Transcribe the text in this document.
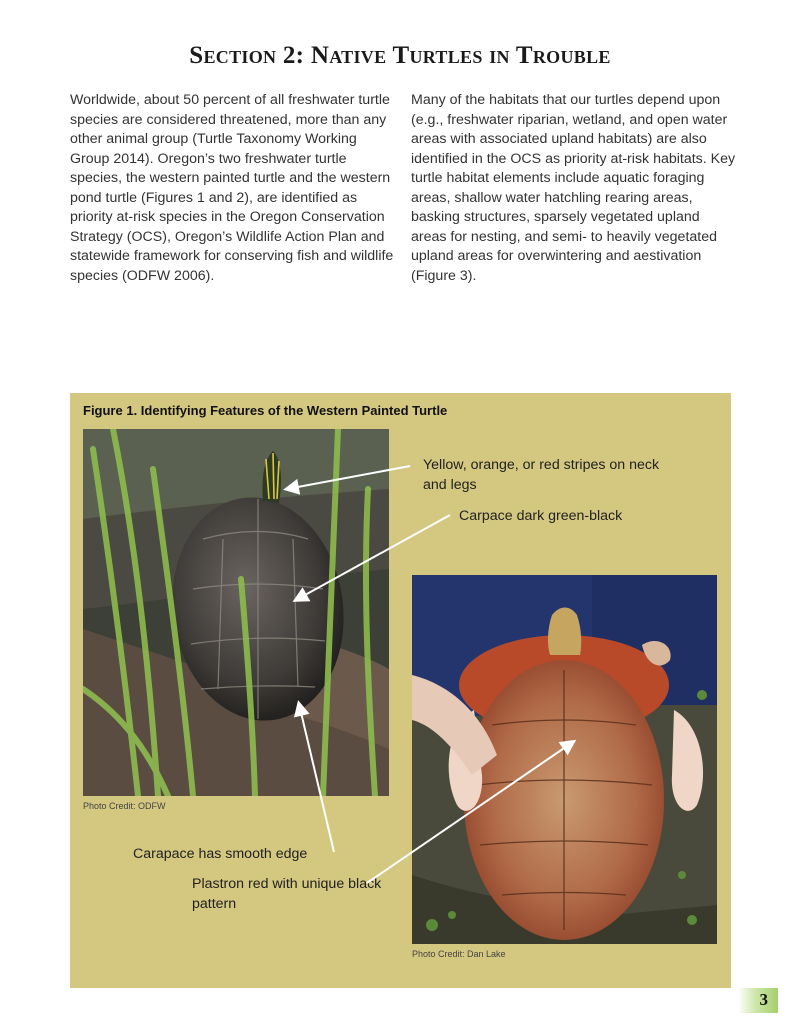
Section 2: Native Turtles in Trouble
Worldwide, about 50 percent of all freshwater turtle species are considered threatened, more than any other animal group (Turtle Taxonomy Working Group 2014). Oregon’s two freshwater turtle species, the western painted turtle and the western pond turtle (Figures 1 and 2), are identified as priority at-risk species in the Oregon Conservation Strategy (OCS), Oregon’s Wildlife Action Plan and statewide framework for conserving fish and wildlife species (ODFW 2006).
Many of the habitats that our turtles depend upon (e.g., freshwater riparian, wetland, and open water areas with associated upland habitats) are also identified in the OCS as priority at-risk habitats. Key turtle habitat elements include aquatic foraging areas, shallow water hatchling rearing areas, basking structures, sparsely vegetated upland areas for nesting, and semi- to heavily vegetated upland areas for overwintering and aestivation (Figure 3).
Figure 1. Identifying Features of the Western Painted Turtle
Photo Credit: ODFW
Photo Credit: Dan Lake
Yellow, orange, or red stripes on neck and legs
Carpace dark green-black
Carapace has smooth edge
Plastron red with unique black pattern
3
